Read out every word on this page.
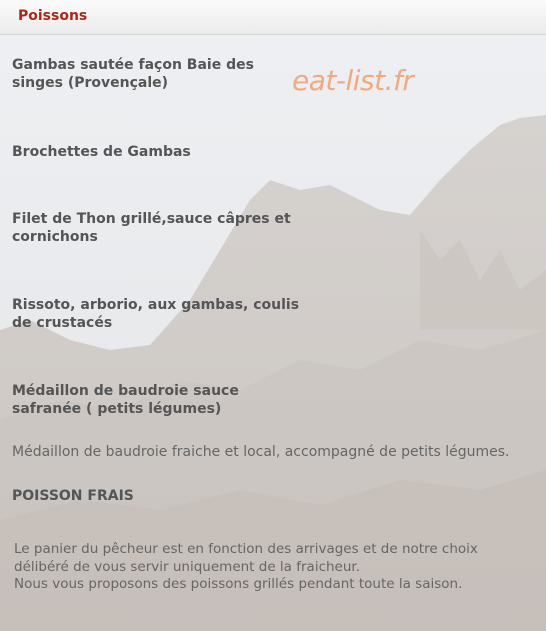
Poissons
eat-list.fr
Gambas sautée façon Baie des
singes (Provençale)
Brochettes de Gambas
Filet de Thon grillé,sauce câpres et
cornichons
Rissoto, arborio, aux gambas, coulis
de crustacés
Médaillon de baudroie sauce
safranée ( petits légumes)
Médaillon de baudroie fraiche et local, accompagné de petits légumes.
POISSON FRAIS
Le panier du pêcheur est en fonction des arrivages et de notre choix
délibéré de vous servir uniquement de la fraicheur.
Nous vous proposons des poissons grillés pendant toute la saison.
